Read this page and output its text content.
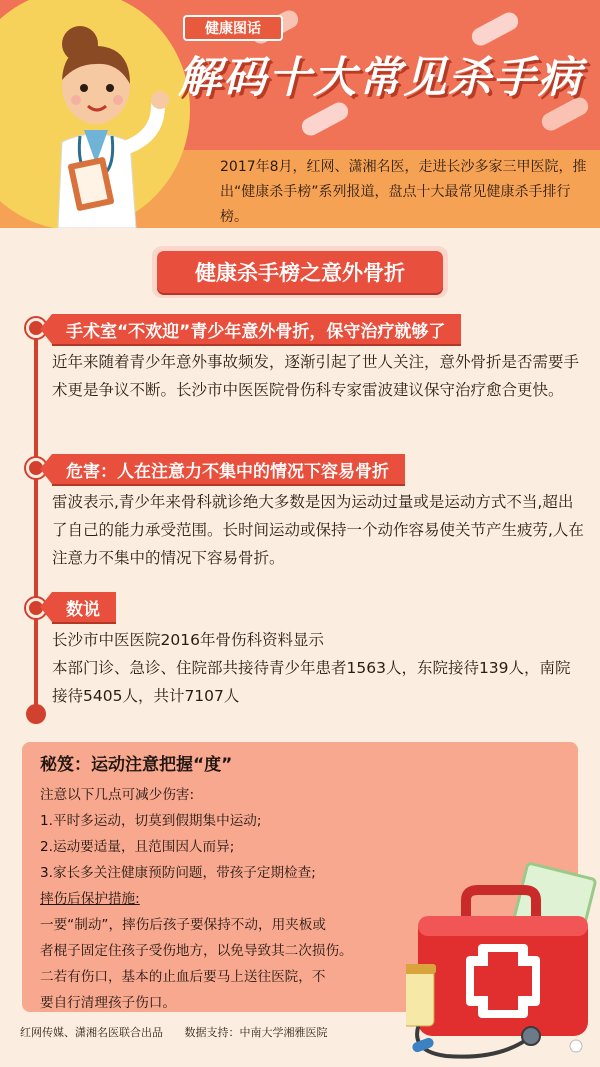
健康图话
解码十大常见杀手病
2017年8月，红网、潇湘名医，走进长沙多家三甲医院，推出“健康杀手榜”系列报道，盘点十大最常见健康杀手排行榜。
健康杀手榜之意外骨折
手术室“不欢迎”青少年意外骨折，保守治疗就够了
近年来随着青少年意外事故频发，逐渐引起了世人关注，意外骨折是否需要手术更是争议不断。长沙市中医医院骨伤科专家雷波建议保守治疗愈合更快。
危害：人在注意力不集中的情况下容易骨折
雷波表示,青少年来骨科就诊绝大多数是因为运动过量或是运动方式不当,超出了自己的能力承受范围。长时间运动或保持一个动作容易使关节产生疲劳,人在注意力不集中的情况下容易骨折。
数说
长沙市中医医院2016年骨伤科资料显示
本部门诊、急诊、住院部共接待青少年患者1563人，东院接待139人，南院接待5405人，共计7107人
秘笈：运动注意把握“度”
注意以下几点可减少伤害:
1.平时多运动，切莫到假期集中运动;
2.运动要适量，且范围因人而异;
3.家长多关注健康预防问题，带孩子定期检查;
摔伤后保护措施:
一要“制动”，摔伤后孩子要保持不动，用夹板或
者棍子固定住孩子受伤地方，以免导致其二次损伤。
二若有伤口，基本的止血后要马上送往医院，不
要自行清理孩子伤口。
红网传媒、潇湘名医联合出品 数据支持：中南大学湘雅医院
